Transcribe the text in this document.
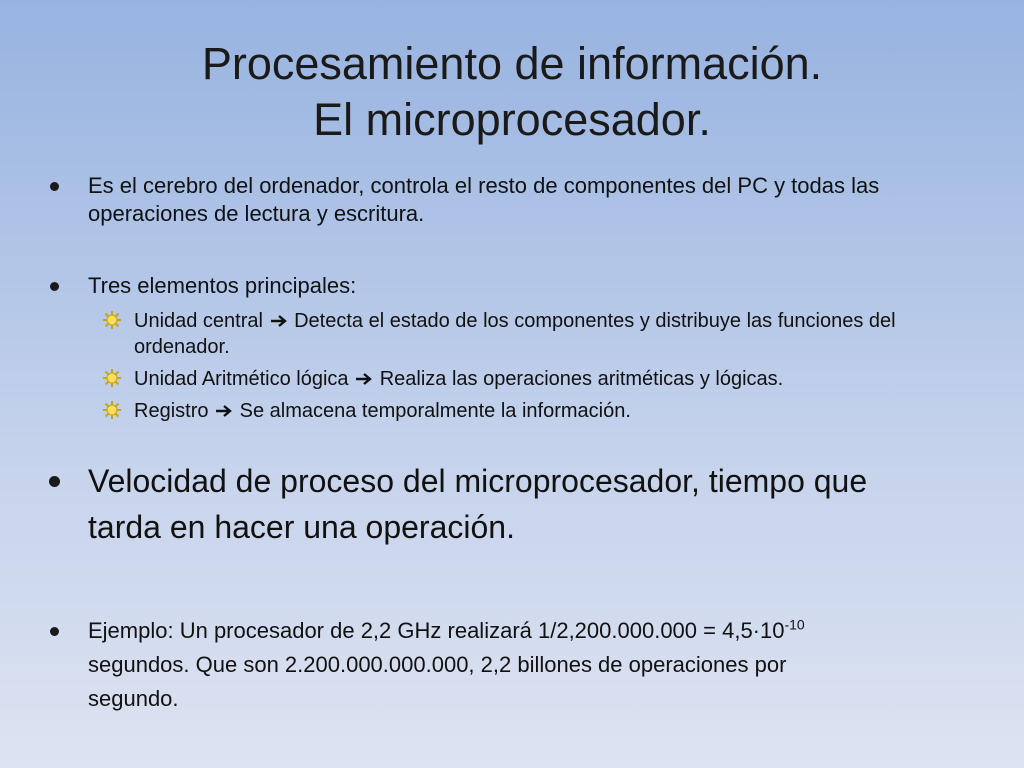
Procesamiento de información.
El microprocesador.
Es el cerebro del ordenador, controla el resto de componentes del PC y todas las operaciones de lectura y escritura.
Tres elementos principales:
Unidad central Detecta el estado de los componentes y distribuye las funciones del ordenador.
Unidad Aritmético lógica Realiza las operaciones aritméticas y lógicas.
Registro Se almacena temporalmente la información.
Velocidad de proceso del microprocesador, tiempo que tarda en hacer una operación.
Ejemplo: Un procesador de 2,2 GHz realizará $1/2,200.000.000 = 4,5\cdot 10^{-10}$ segundos. Que son 2.200.000.000.000, 2,2 billones de operaciones por segundo.
